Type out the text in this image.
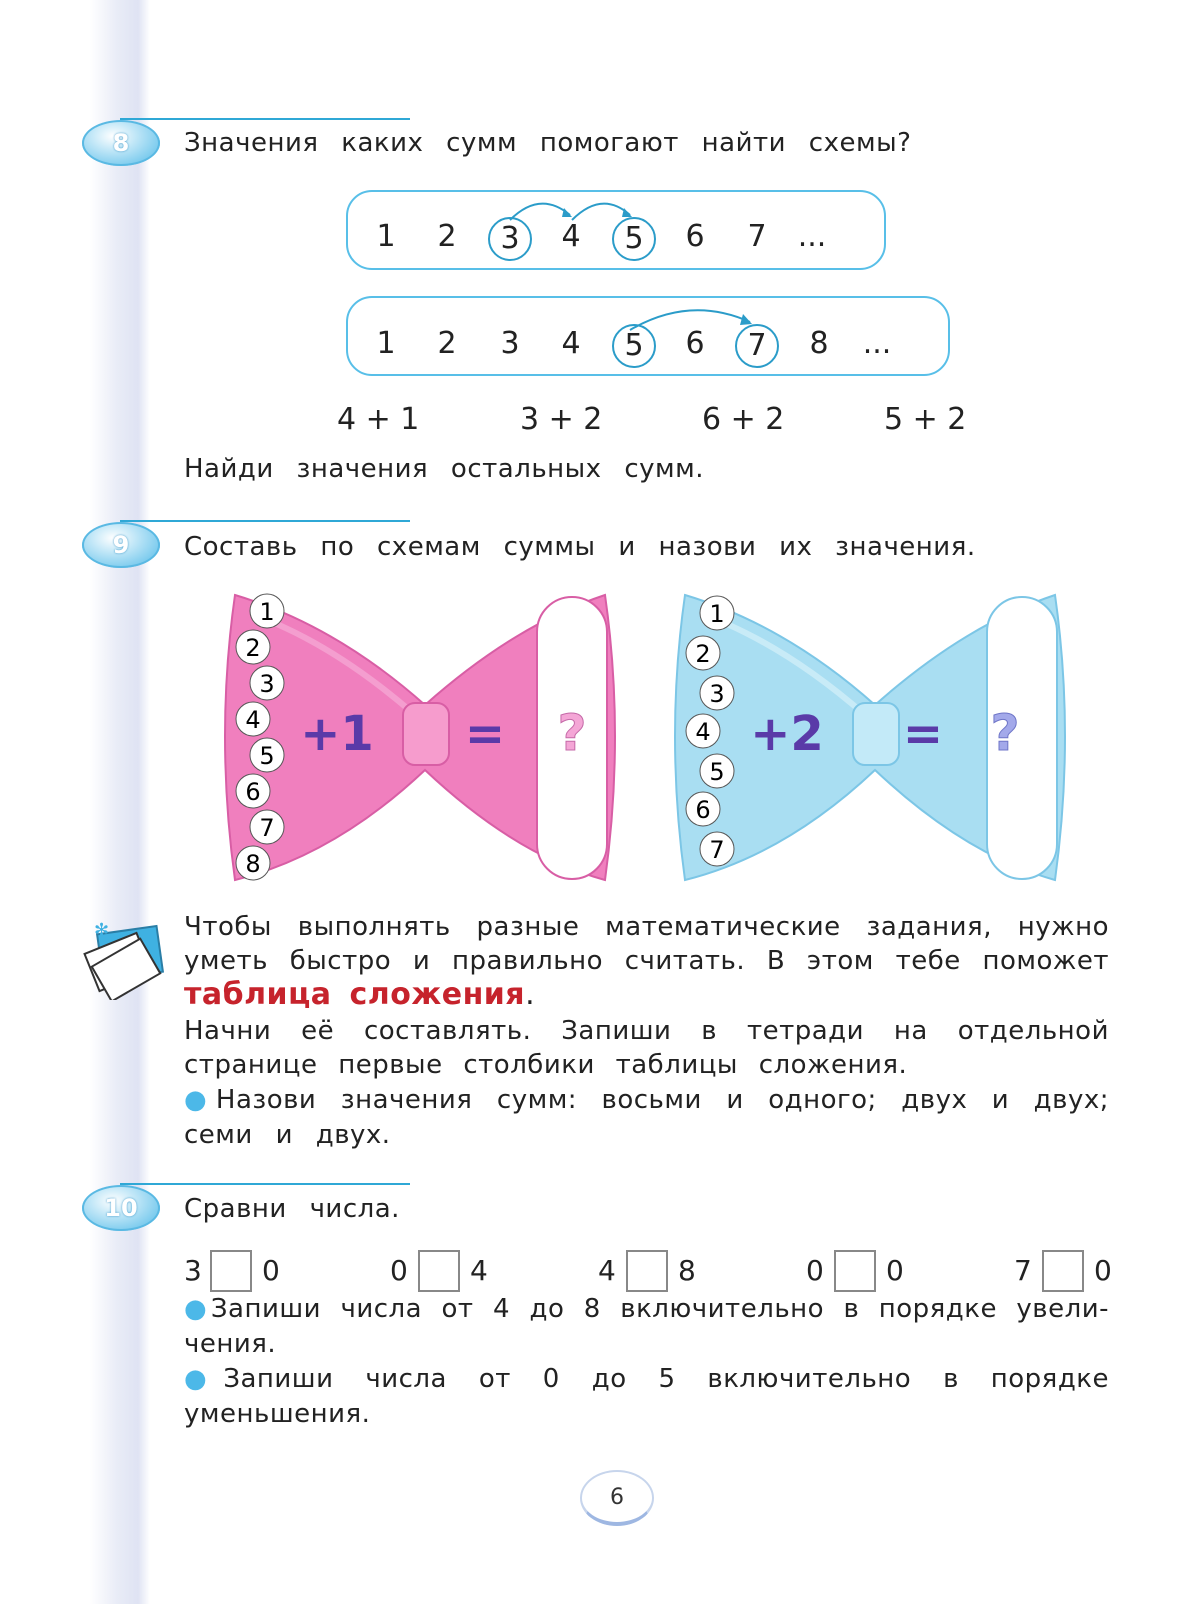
8	Значения каких сумм помогают найти схемы?
1	2	3	4	5	6	7	...
1	2	3	4	5	6	7	8	...
4 + 1	3 + 2	6 + 2	5 + 2
Найди значения остальных сумм.
9	Составь по схемам суммы и назови их значения.
1
2
3
4
5
6
7
8
+1 = ?
1
2
3
4
5
6
7
+2 = ?
✻	Чтобы выполнять разные математические задания, нужно
уметь быстро и правильно считать. В этом тебе поможет
таблица сложения.
Начни её составлять. Запиши в тетради на отдельной
странице первые столбики таблицы сложения.
●Назови значения сумм: восьми и одного; двух и двух;
семи и двух.
10	Сравни числа.
3 0	0 4	4 8	0 0	7 0
●Запиши числа от 4 до 8 включительно в порядке увели-
чения.
●Запиши числа от 0 до 5 включительно в порядке
уменьшения.
6
